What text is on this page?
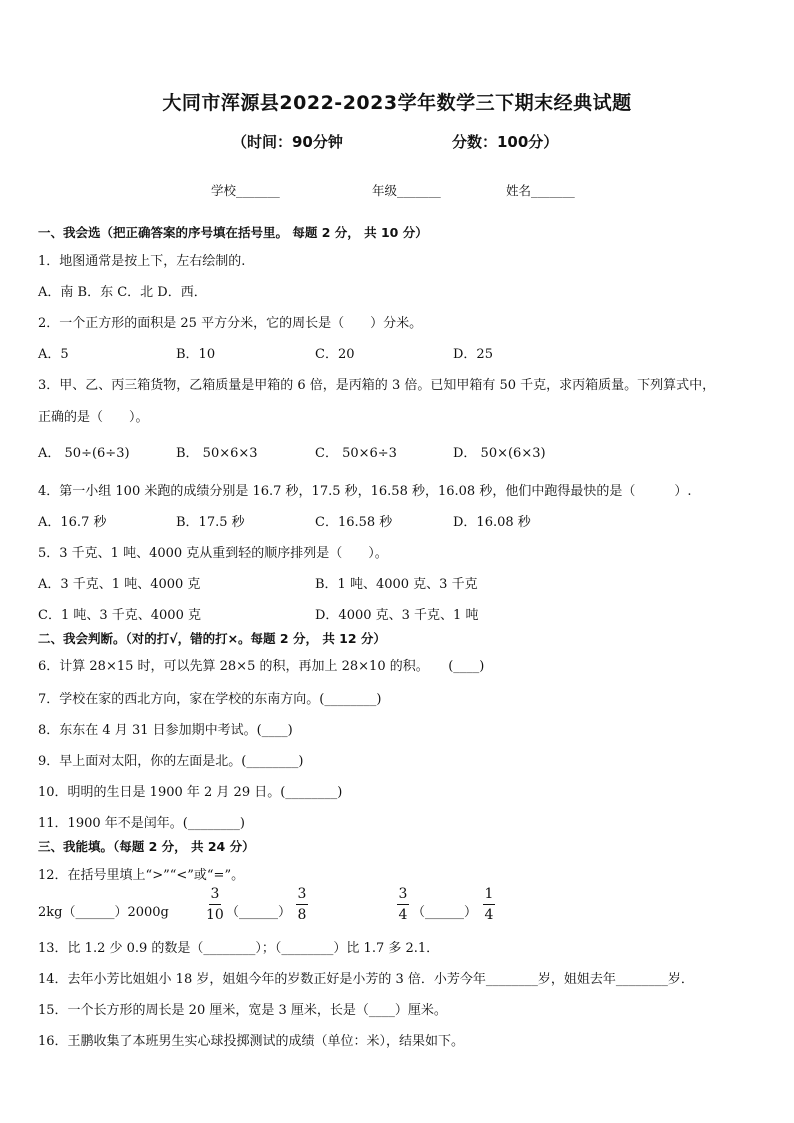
大同市浑源县2022-2023学年数学三下期末经典试题
（时间：90分钟	分数：100分）
学校_______	年级_______	姓名_______
一、我会选（把正确答案的序号填在括号里。 每题 2 分， 共 10 分）
1．地图通常是按上下，左右绘制的.
A．南 B．东 C．北 D．西．
2．一个正方形的面积是 25 平方分米，它的周长是（　　）分米。
A．5	B．10	C．20	D．25
3．甲、乙、丙三箱货物，乙箱质量是甲箱的 6 倍，是丙箱的 3 倍。已知甲箱有 50 千克，求丙箱质量。下列算式中，
正确的是（　　）。
A． 50÷(6÷3)	B． 50×6×3	C． 50×6÷3	D． 50×(6×3)
4．第一小组 100 米跑的成绩分别是 16.7 秒，17.5 秒，16.58 秒，16.08 秒，他们中跑得最快的是（　　　）.
A．16.7 秒	B．17.5 秒	C．16.58 秒	D．16.08 秒
5．3 千克、1 吨、4000 克从重到轻的顺序排列是（　　）。
A．3 千克、1 吨、4000 克	B．1 吨、4000 克、3 千克
C．1 吨、3 千克、4000 克	D．4000 克、3 千克、1 吨
二、我会判断。（对的打√，错的打×。每题 2 分， 共 12 分）
6．计算 28×15 时，可以先算 28×5 的积，再加上 28×10 的积。　　(____)
7．学校在家的西北方向，家在学校的东南方向。(________)
8．东东在 4 月 31 日参加期中考试。(____)
9．早上面对太阳，你的左面是北。(________)
10．明明的生日是 1900 年 2 月 29 日。(________)
11．1900 年不是闰年。(________)
三、我能填。（每题 2 分， 共 24 分）
12．在括号里填上“>”“<”或“=”。
2kg（______）2000g
3
10 （______）
3
8
3
4 （______）
1
4
13．比 1.2 少 0.9 的数是（________）；（________）比 1.7 多 2.1．
14．去年小芳比姐姐小 18 岁，姐姐今年的岁数正好是小芳的 3 倍．小芳今年________岁，姐姐去年________岁．
15．一个长方形的周长是 20 厘米，宽是 3 厘米，长是（____）厘米。
16．王鹏收集了本班男生实心球投掷测试的成绩（单位：米），结果如下。
